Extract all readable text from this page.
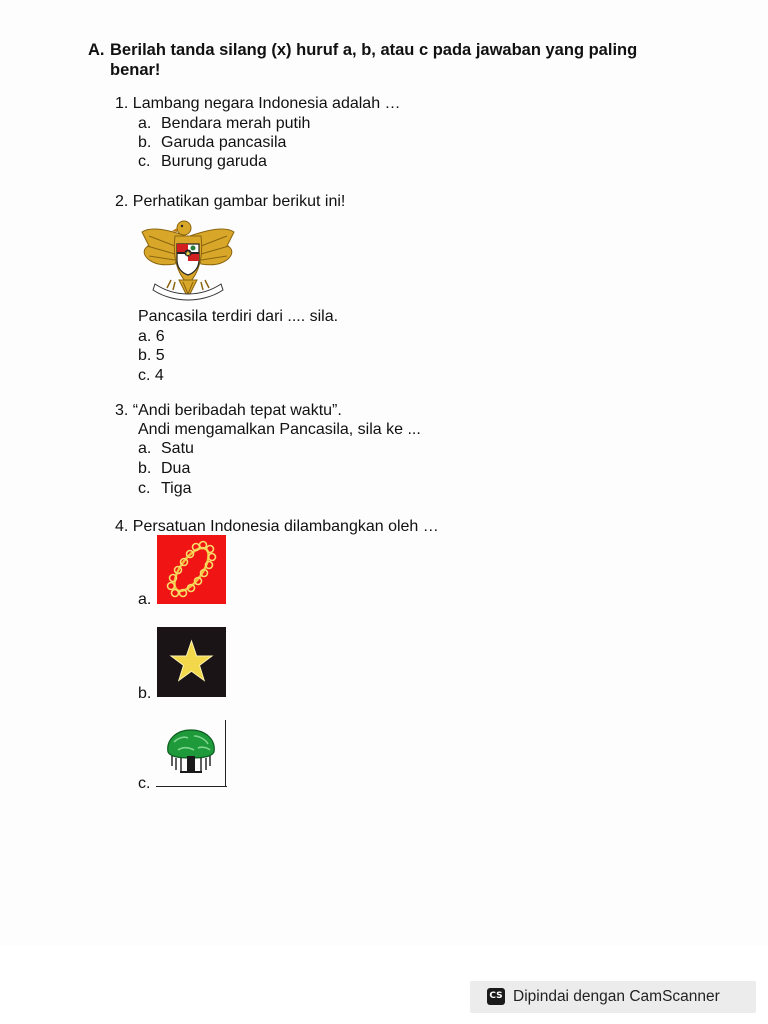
A. Berilah tanda silang (x) huruf a, b, atau c pada jawaban yang paling
benar!
1. Lambang negara Indonesia adalah …
a. Bendara merah putih
b. Garuda pancasila
c. Burung garuda
2. Perhatikan gambar berikut ini!
Pancasila terdiri dari .... sila.
a. 6
b. 5
c. 4
3. “Andi beribadah tepat waktu”.
Andi mengamalkan Pancasila, sila ke ...
a. Satu
b. Dua
c. Tiga
4. Persatuan Indonesia dilambangkan oleh …
a.
b.
c.
CS Dipindai dengan CamScanner
